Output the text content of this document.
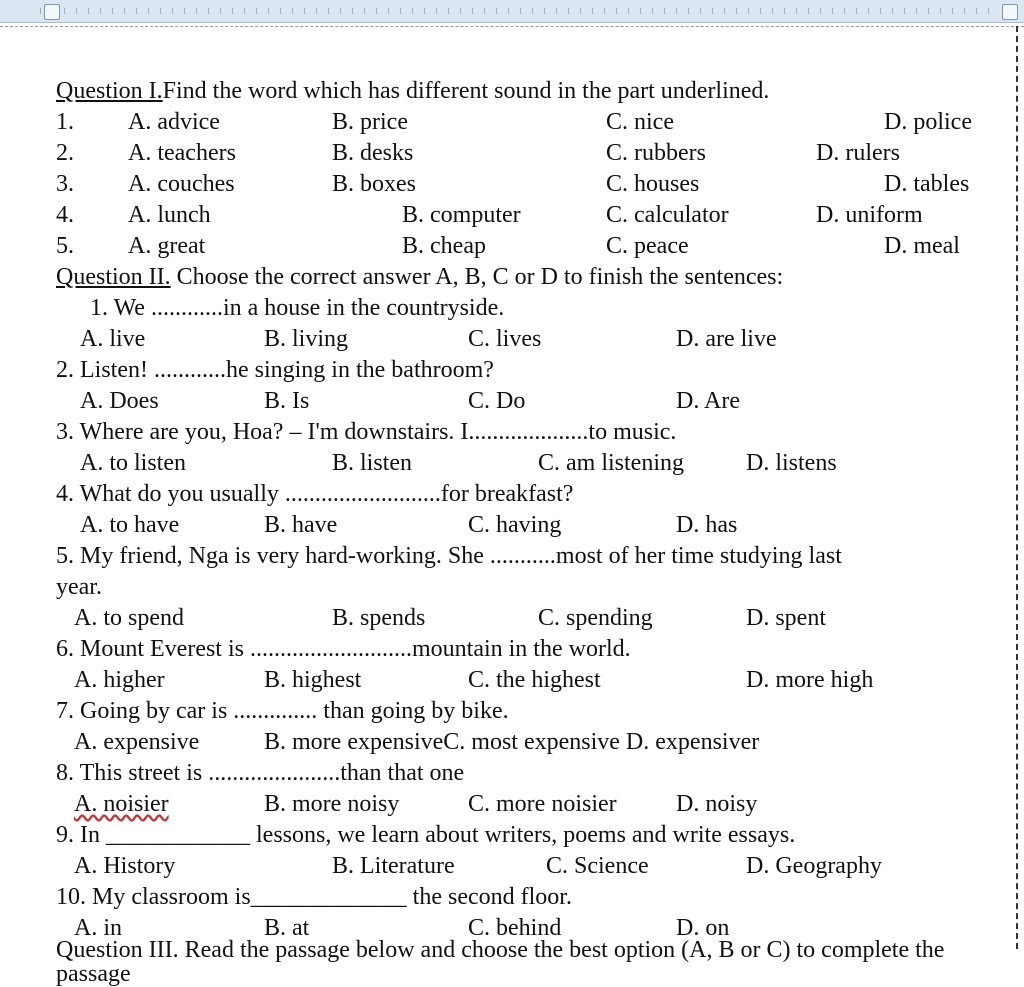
Question I.Find the word which has different sound in the part underlined.
1. A. advice	B. price	C. nice	D. police
2. A. teachers	B. desks	C. rubbers	D. rulers
3. A. couches	B. boxes	C. houses	D. tables
4. A. lunch	B. computer	C. calculator	D. uniform
5. A. great	B. cheap	C. peace	D. meal
Question II. Choose the correct answer A, B, C or D to finish the sentences:
1. We ............in a house in the countryside.
A. live	B. living	C. lives	D. are live
2. Listen! ............he singing in the bathroom?
A. Does	B. Is	C. Do	D. Are
3. Where are you, Hoa? – I'm downstairs. I....................to music.
A. to listen	B. listen	C. am listening	D. listens
4. What do you usually ..........................for breakfast?
A. to have	B. have	C. having	D. has
5. My friend, Nga is very hard-working. She ...........most of her time studying last
year.
A. to spend	B. spends	C. spending	D. spent
6. Mount Everest is ...........................mountain in the world.
A. higher	B. highest	C. the highest	D. more high
7. Going by car is .............. than going by bike.
A. expensive	B. more expensiveC. most expensive D. expensiver
8. This street is ......................than that one
A. noisier	B. more noisy	C. more noisier D. noisy
9. In ____________ lessons, we learn about writers, poems and write essays.
A. History	B. Literature	C. Science	D. Geography
10. My classroom is_____________ the second floor.
A. in	B. at	C. behind	D. on
Question III. Read the passage below and choose the best option (A, B or C) to complete the passage
